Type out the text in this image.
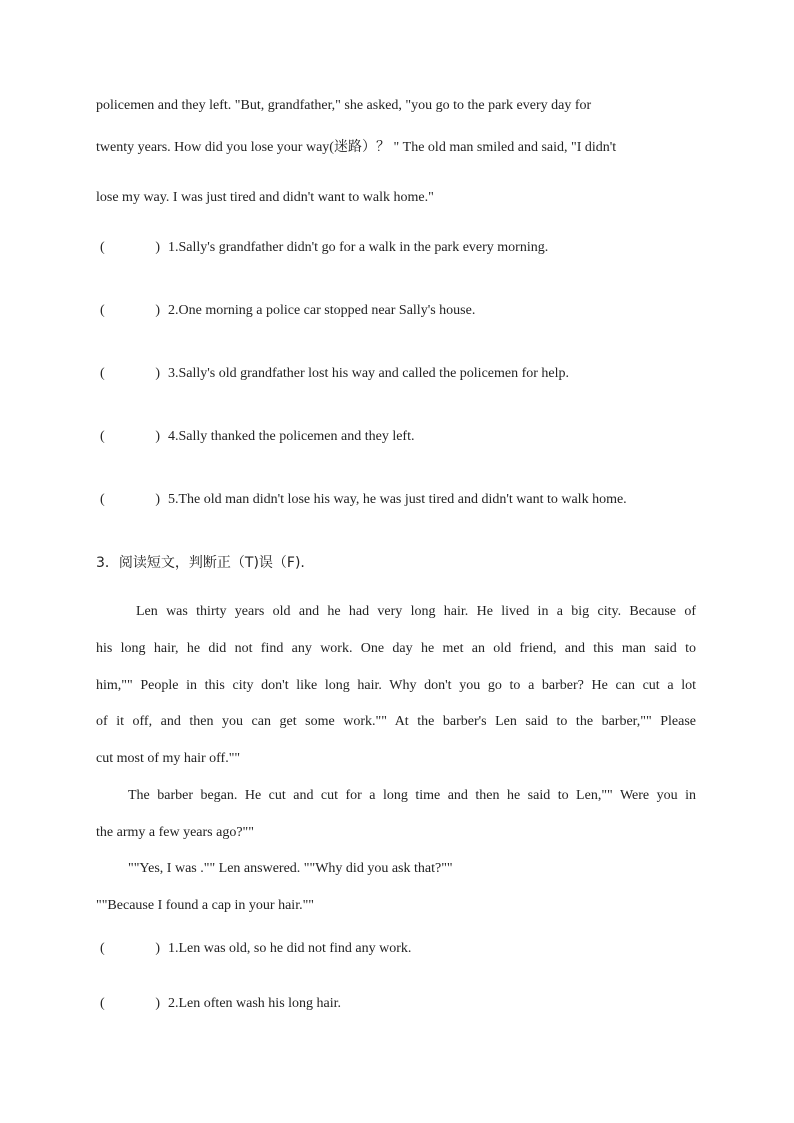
policemen and they left. "But, grandfather," she asked, "you go to the park every day for
twenty years. How did you lose your way(迷路）？ " The old man smiled and said, "I didn't
lose my way. I was just tired and didn't want to walk home."
( )1.Sally's grandfather didn't go for a walk in the park every morning.
( )2.One morning a police car stopped near Sally's house.
( )3.Sally's old grandfather lost his way and called the policemen for help.
( )4.Sally thanked the policemen and they left.
( )5.The old man didn't lose his way, he was just tired and didn't want to walk home.
3．阅读短文，判断正（T)误（F).
Len was thirty years old and he had very long hair. He lived in a big city. Because of
his long hair, he did not find any work. One day he met an old friend, and this man said to
him,"" People in this city don't like long hair. Why don't you go to a barber? He can cut a lot
of it off, and then you can get some work."" At the barber's Len said to the barber,"" Please
cut most of my hair off.""
The barber began. He cut and cut for a long time and then he said to Len,"" Were you in
the army a few years ago?""
""Yes, I was ."" Len answered. ""Why did you ask that?""
""Because I found a cap in your hair.""
( )1.Len was old, so he did not find any work.
( )2.Len often wash his long hair.
